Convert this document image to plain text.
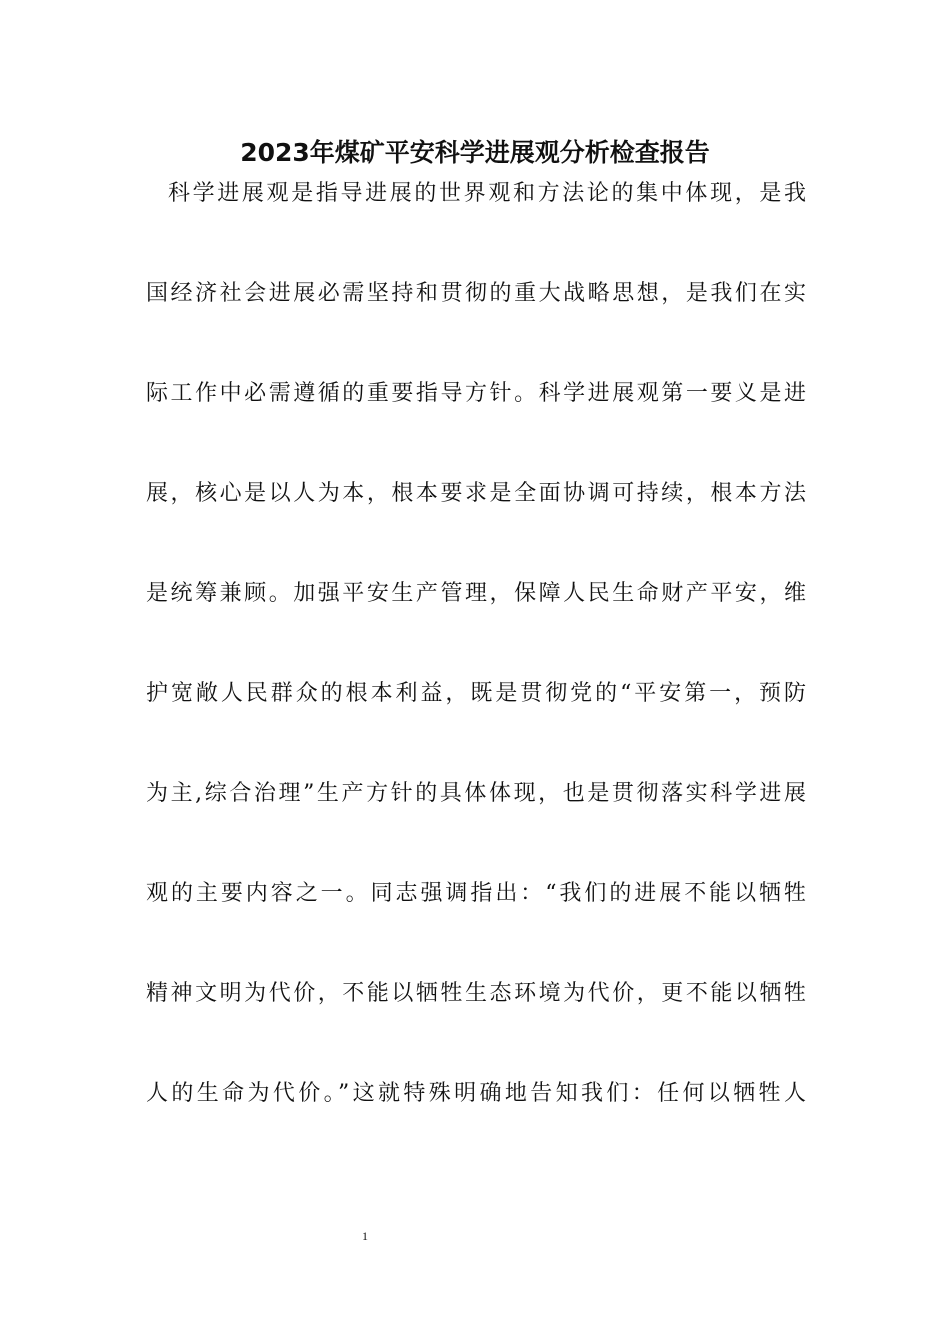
2023年煤矿平安科学进展观分析检查报告
科学进展观是指导进展的世界观和方法论的集中体现，是我
国经济社会进展必需坚持和贯彻的重大战略思想，是我们在实
际工作中必需遵循的重要指导方针。科学进展观第一要义是进
展，核心是以人为本，根本要求是全面协调可持续，根本方法
是统筹兼顾。加强平安生产管理，保障人民生命财产平安，维
护宽敞人民群众的根本利益，既是贯彻党的“平安第一，预防
为主,综合治理”生产方针的具体体现，也是贯彻落实科学进展
观的主要内容之一。同志强调指出：“我们的进展不能以牺牲
精神文明为代价，不能以牺牲生态环境为代价，更不能以牺牲
人的生命为代价。”这就特殊明确地告知我们：任何以牺牲人
1
